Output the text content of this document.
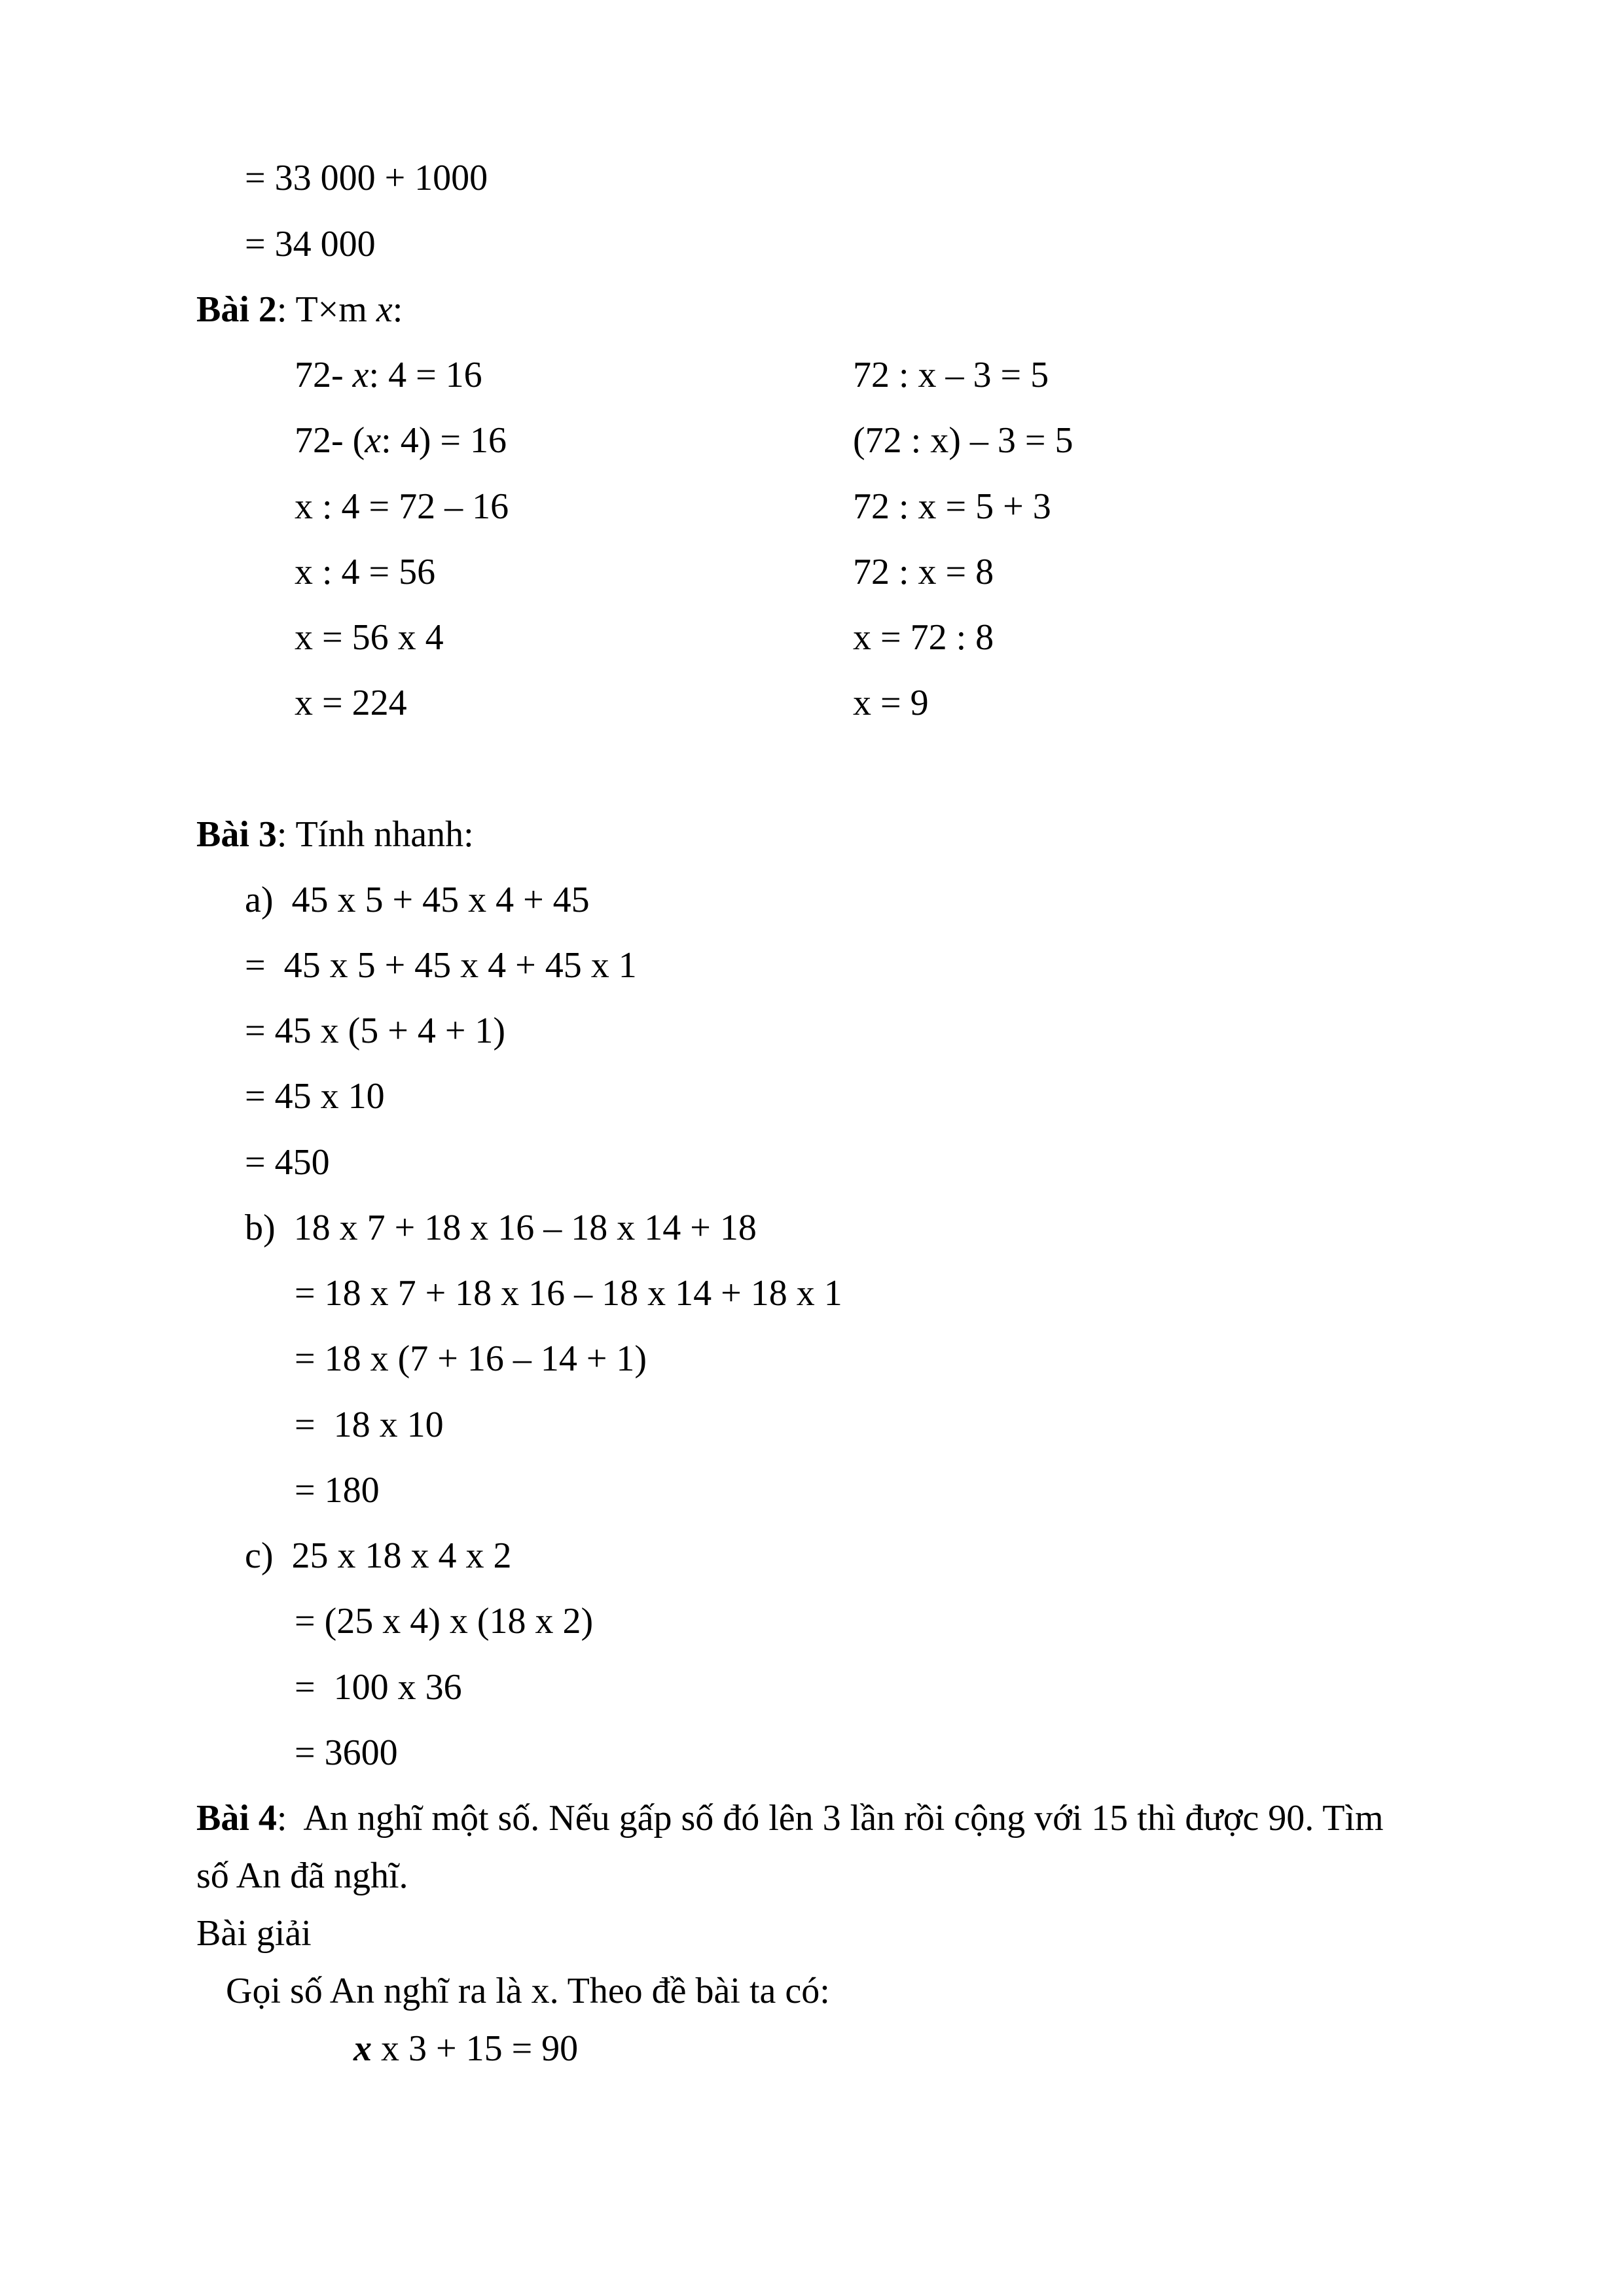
= 33 000 + 1000
= 34 000
Bài 2: T×m x:
72- x: 4 = 16
72- (x: 4) = 16
x : 4 = 72 – 16
x : 4 = 56
x = 56 x 4
x = 224
72 : x – 3 = 5
(72 : x) – 3 = 5
72 : x = 5 + 3
72 : x = 8
x = 72 : 8
x = 9
Bài 3: Tính nhanh:
a)  45 x 5 + 45 x 4 + 45
=  45 x 5 + 45 x 4 + 45 x 1
= 45 x (5 + 4 + 1)
= 45 x 10
= 450
b)  18 x 7 + 18 x 16 – 18 x 14 + 18
= 18 x 7 + 18 x 16 – 18 x 14 + 18 x 1
= 18 x (7 + 16 – 14 + 1)
=  18 x 10
= 180
c)  25 x 18 x 4 x 2
= (25 x 4) x (18 x 2)
=  100 x 36
= 3600
Bài 4:  An nghĩ một số. Nếu gấp số đó lên 3 lần rồi cộng với 15 thì được 90. Tìm
số An đã nghĩ.
Bài giải
Gọi số An nghĩ ra là x. Theo đề bài ta có:
x x 3 + 15 = 90
